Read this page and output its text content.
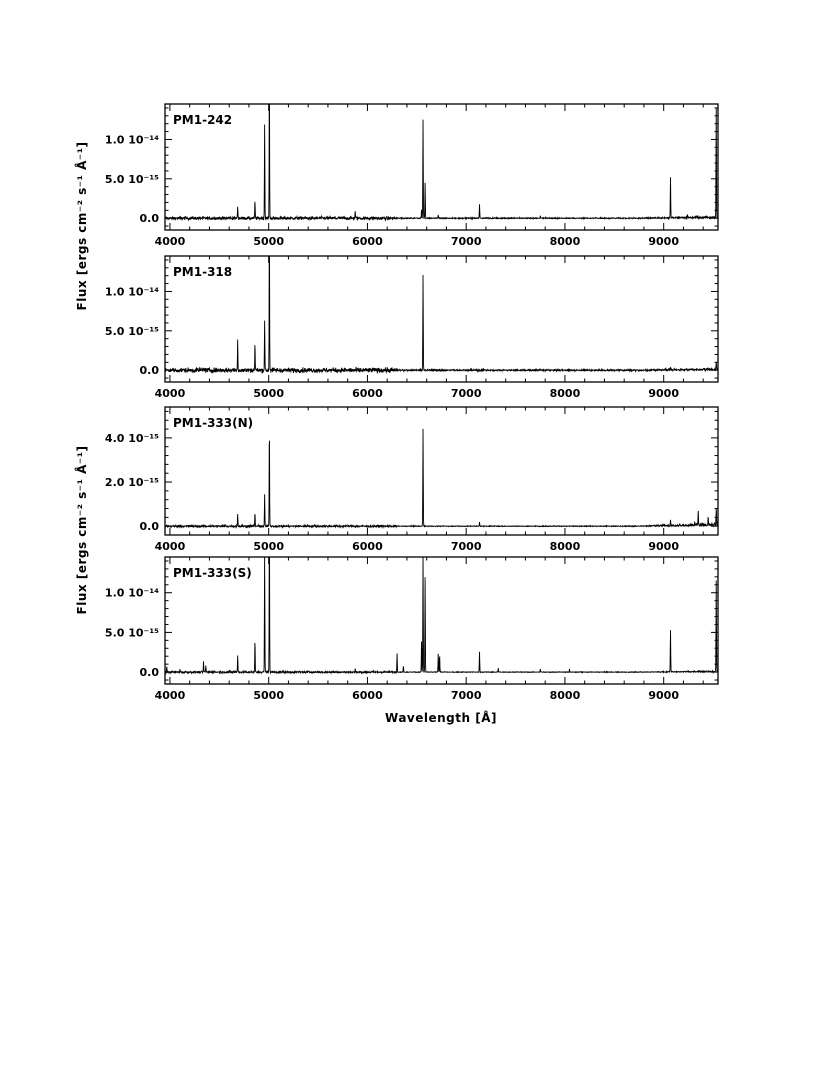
4000	5000	6000	7000	8000	9000
0.0
5.0 10⁻¹⁵
1.0 10⁻¹⁴
PM1-242
4000	5000	6000	7000	8000	9000
0.0
5.0 10⁻¹⁵
1.0 10⁻¹⁴
PM1-318
4000	5000	6000	7000	8000	9000
0.0
2.0 10⁻¹⁵
4.0 10⁻¹⁵
PM1-333(N)
4000	5000	6000	7000	8000	9000
0.0
5.0 10⁻¹⁵
1.0 10⁻¹⁴
PM1-333(S)
Wavelength [Å]
Flux [ergs cm⁻² s⁻¹ Å⁻¹]
Flux [ergs cm⁻² s⁻¹ Å⁻¹]
